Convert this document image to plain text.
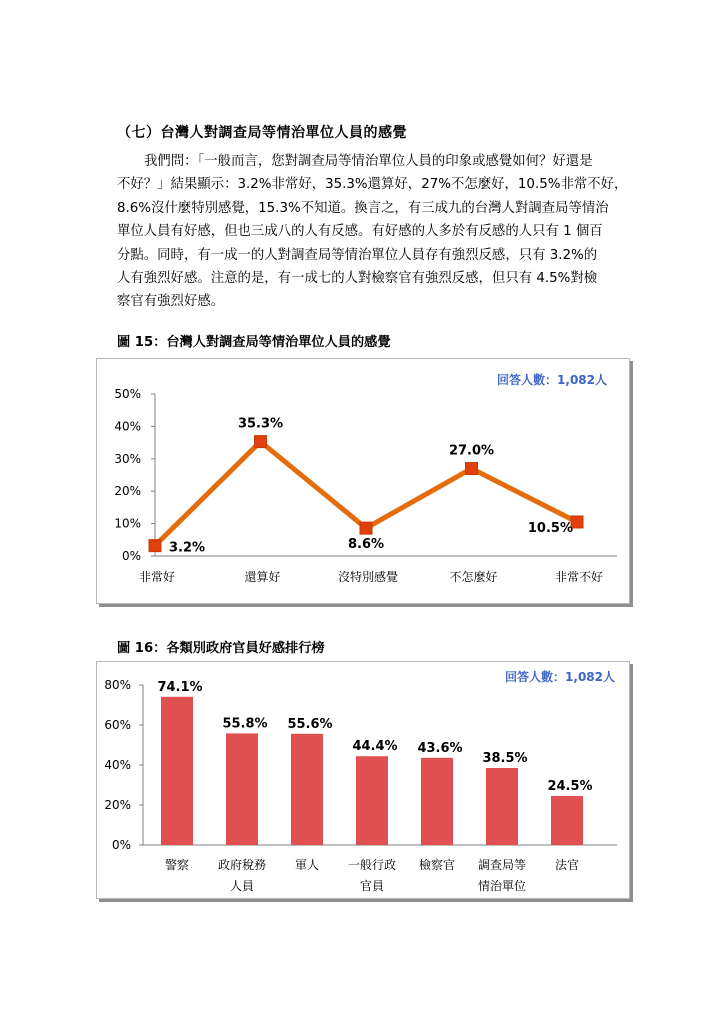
（七）台灣人對調查局等情治單位人員的感覺
我們問：「一般而言，您對調查局等情治單位人員的印象或感覺如何？好還是
不好？」結果顯示：3.2%非常好，35.3%還算好，27%不怎麼好，10.5%非常不好，
8.6%沒什麼特別感覺，15.3%不知道。換言之，有三成九的台灣人對調查局等情治
單位人員有好感，但也三成八的人有反感。有好感的人多於有反感的人只有 1 個百
分點。同時，有一成一的人對調查局等情治單位人員存有強烈反感，只有 3.2%的
人有強烈好感。注意的是，有一成七的人對檢察官有強烈反感，但只有 4.5%對檢
察官有強烈好感。
圖 15：台灣人對調查局等情治單位人員的感覺
回答人數：1,082人
0%
10%
20%
30%
40%
50%
3.2%
35.3%
8.6%
27.0%
10.5%
非常好	還算好	沒特別感覺	不怎麼好	非常不好
圖 16：各類別政府官員好感排行榜
回答人數：1,082人
0%
20%
40%
60%
80% 74.1%
警察
55.8%
政府稅務
人員
55.6%
軍人
44.4%
一般行政
官員
43.6%
檢察官
38.5%
調查局等
情治單位
24.5%
法官
